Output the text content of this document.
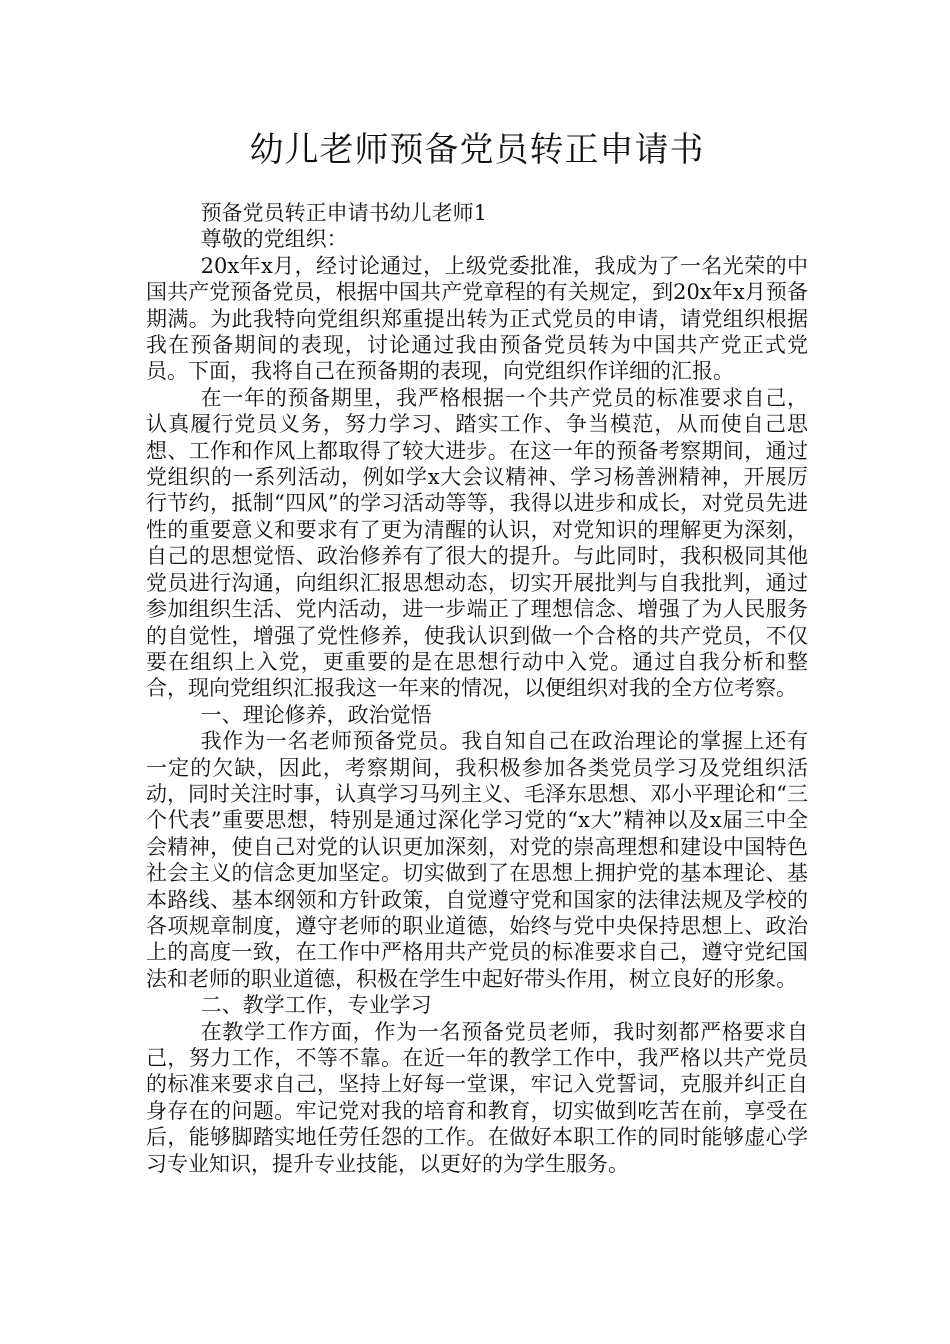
幼儿老师预备党员转正申请书

预备党员转正申请书幼儿老师1

尊敬的党组织：

20x年x月，经讨论通过，上级党委批准，我成为了一名光荣的中国共产党预备党员，根据中国共产党章程的有关规定，到20x年x月预备期满。为此我特向党组织郑重提出转为正式党员的申请，请党组织根据我在预备期间的表现，讨论通过我由预备党员转为中国共产党正式党员。下面，我将自己在预备期的表现，向党组织作详细的汇报。

在一年的预备期里，我严格根据一个共产党员的标准要求自己，认真履行党员义务，努力学习、踏实工作、争当模范，从而使自己思想、工作和作风上都取得了较大进步。在这一年的预备考察期间，通过党组织的一系列活动，例如学x大会议精神、学习杨善洲精神，开展厉行节约，抵制“四风”的学习活动等等，我得以进步和成长，对党员先进性的重要意义和要求有了更为清醒的认识，对党知识的理解更为深刻，自己的思想觉悟、政治修养有了很大的提升。与此同时，我积极同其他党员进行沟通，向组织汇报思想动态，切实开展批判与自我批判，通过参加组织生活、党内活动，进一步端正了理想信念、增强了为人民服务的自觉性，增强了党性修养，使我认识到做一个合格的共产党员，不仅要在组织上入党，更重要的是在思想行动中入党。通过自我分析和整合，现向党组织汇报我这一年来的情况，以便组织对我的全方位考察。

一、理论修养，政治觉悟

我作为一名老师预备党员。我自知自己在政治理论的掌握上还有一定的欠缺，因此，考察期间，我积极参加各类党员学习及党组织活动，同时关注时事，认真学习马列主义、毛泽东思想、邓小平理论和“三个代表”重要思想，特别是通过深化学习党的“x大”精神以及x届三中全会精神，使自己对党的认识更加深刻，对党的崇高理想和建设中国特色社会主义的信念更加坚定。切实做到了在思想上拥护党的基本理论、基本路线、基本纲领和方针政策，自觉遵守党和国家的法律法规及学校的各项规章制度，遵守老师的职业道德，始终与党中央保持思想上、政治上的高度一致，在工作中严格用共产党员的标准要求自己，遵守党纪国法和老师的职业道德，积极在学生中起好带头作用，树立良好的形象。

二、教学工作，专业学习

在教学工作方面，作为一名预备党员老师，我时刻都严格要求自己，努力工作，不等不靠。在近一年的教学工作中，我严格以共产党员的标准来要求自己，坚持上好每一堂课，牢记入党誓词，克服并纠正自身存在的问题。牢记党对我的培育和教育，切实做到吃苦在前，享受在后，能够脚踏实地任劳任怨的工作。在做好本职工作的同时能够虚心学习专业知识，提升专业技能，以更好的为学生服务。
